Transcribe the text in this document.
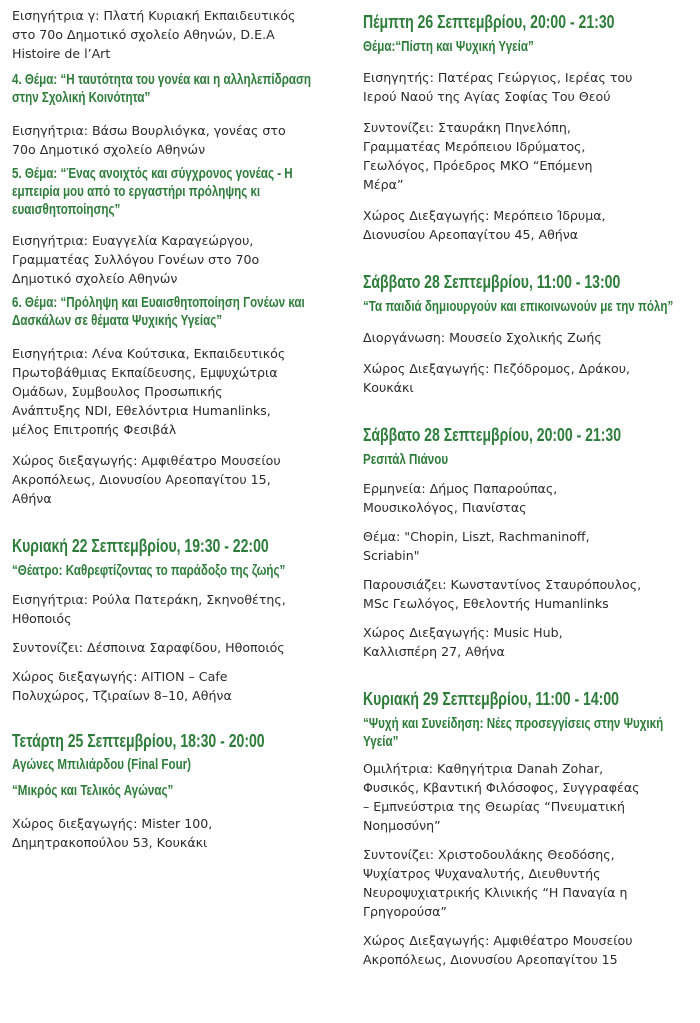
Εισηγήτρια γ: Πλατή Κυριακή Εκπαιδευτικός

στο 70ο Δημοτικό σχολείο Αθηνών, D.E.A

Histoire de l’Art

4. Θέμα: “Η ταυτότητα του γονέα και η αλληλεπίδραση
στην Σχολική Κοινότητα”

Εισηγήτρια: Βάσω Βουρλιόγκα, γονέας στο

70ο Δημοτικό σχολείο Αθηνών

5. Θέμα: “Ένας ανοιχτός και σύγχρονος γονέας - Η
εμπειρία μου από το εργαστήρι πρόληψης κι
ευαισθητοποίησης”

Εισηγήτρια: Ευαγγελία Καραγεώργου,

Γραμματέας Συλλόγου Γονέων στο 70ο

Δημοτικό σχολείο Αθηνών

6. Θέμα: “Πρόληψη και Ευαισθητοποίηση Γονέων και
Δασκάλων σε θέματα Ψυχικής Υγείας”

Εισηγήτρια: Λένα Κούτσικα, Εκπαιδευτικός

Πρωτοβάθμιας Εκπαίδευσης, Εμψυχώτρια

Ομάδων, Συμβουλος Προσωπικής

Ανάπτυξης NDI, Εθελόντρια Humanlinks,

μέλος Επιτροπής Φεσιβάλ

Χώρος διεξαγωγής: Αμφιθέατρο Μουσείου

Ακροπόλεως, Διονυσίου Αρεοπαγίτου 15,

Αθήνα

Κυριακή 22 Σεπτεμβρίου, 19:30 - 22:00
“Θέατρο: Καθρεφτίζοντας το παράδοξο της ζωής”

Εισηγήτρια: Ρούλα Πατεράκη, Σκηνοθέτης,

Ηθοποιός

Συντονίζει: Δέσποινα Σαραφίδου, Ηθοποιός

Χώρος διεξαγωγής: AITION – Cafe

Πολυχώρος, Τζιραίων 8–10, Αθήνα

Τετάρτη 25 Σεπτεμβρίου, 18:30 - 20:00
Αγώνες Μπιλιάρδου (Final Four)
“Μικρός και Τελικός Αγώνας”

Χώρος διεξαγωγής: Mister 100,

Δημητρακοπούλου 53, Κουκάκι

Πέμπτη 26 Σεπτεμβρίου, 20:00 - 21:30
Θέμα:“Πίστη και Ψυχική Υγεία”

Εισηγητής: Πατέρας Γεώργιος, Ιερέας του

Ιερού Ναού της Αγίας Σοφίας Του Θεού

Συντονίζει: Σταυράκη Πηνελόπη,

Γραμματέας Μερόπειου Ιδρύματος,

Γεωλόγος, Πρόεδρος ΜΚΟ “Επόμενη

Μέρα”

Χώρος Διεξαγωγής: Μερόπειο Ίδρυμα,

Διονυσίου Αρεοπαγίτου 45, Αθήνα

Σάββατο 28 Σεπτεμβρίου, 11:00 - 13:00
“Τα παιδιά δημιουργούν και επικοινωνούν με την πόλη”

Διοργάνωση: Μουσείο Σχολικής Ζωής

Χώρος Διεξαγωγής: Πεζόδρομος, Δράκου,

Κουκάκι

Σάββατο 28 Σεπτεμβρίου, 20:00 - 21:30
Ρεσιτάλ Πιάνου

Ερμηνεία: Δήμος Παπαρούπας,

Μουσικολόγος, Πιανίστας

Θέμα: "Chopin, Liszt, Rachmaninoff,

Scriabin"

Παρουσιάζει: Κωνσταντίνος Σταυρόπουλος,

MSc Γεωλόγος, Εθελοντής Humanlinks

Χώρος Διεξαγωγής: Music Hub,

Καλλισπέρη 27, Αθήνα

Κυριακή 29 Σεπτεμβρίου, 11:00 - 14:00
“Ψυχή και Συνείδηση: Νέες προσεγγίσεις στην Ψυχική
Υγεία”

Ομιλήτρια: Καθηγήτρια Danah Zohar,

Φυσικός, Κβαντική Φιλόσοφος, Συγγραφέας

– Εμπνεύστρια της Θεωρίας “Πνευματική

Νοημοσύνη”

Συντονίζει: Χριστοδουλάκης Θεοδόσης,

Ψυχίατρος Ψυχαναλυτής, Διευθυντής

Νευροψυχιατρικής Κλινικής “Η Παναγία η

Γρηγορούσα”

Χώρος Διεξαγωγής: Αμφιθέατρο Μουσείου

Ακροπόλεως, Διονυσίου Αρεοπαγίτου 15
